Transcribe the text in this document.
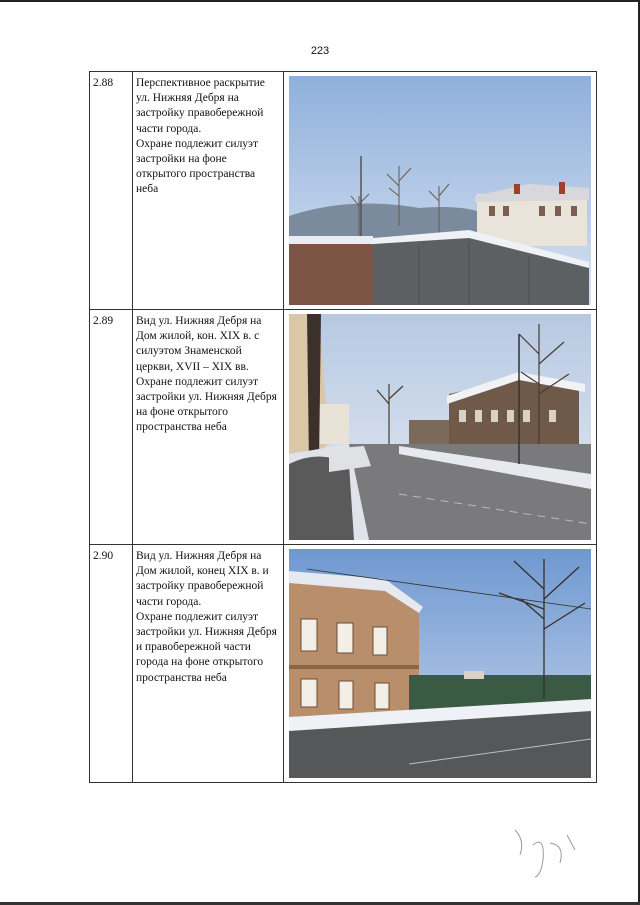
223
2.88	Перспективное раскрытие ул. Нижняя Дебря на застройку правобережной части города.
Охране подлежит силуэт застройки на фоне открытого пространства неба	

2.89	Вид ул. Нижняя Дебря на Дом жилой, кон. XIX в. с силуэтом Знаменской церкви, XVII – XIX вв. Охране подлежит силуэт застройки ул. Нижняя Дебря на фоне открытого пространства неба	

2.90	Вид ул. Нижняя Дебря на Дом жилой, конец XIX в. и застройку правобережной части города.
Охране подлежит силуэт застройки ул. Нижняя Дебря и правобережной части города на фоне открытого пространства неба	
